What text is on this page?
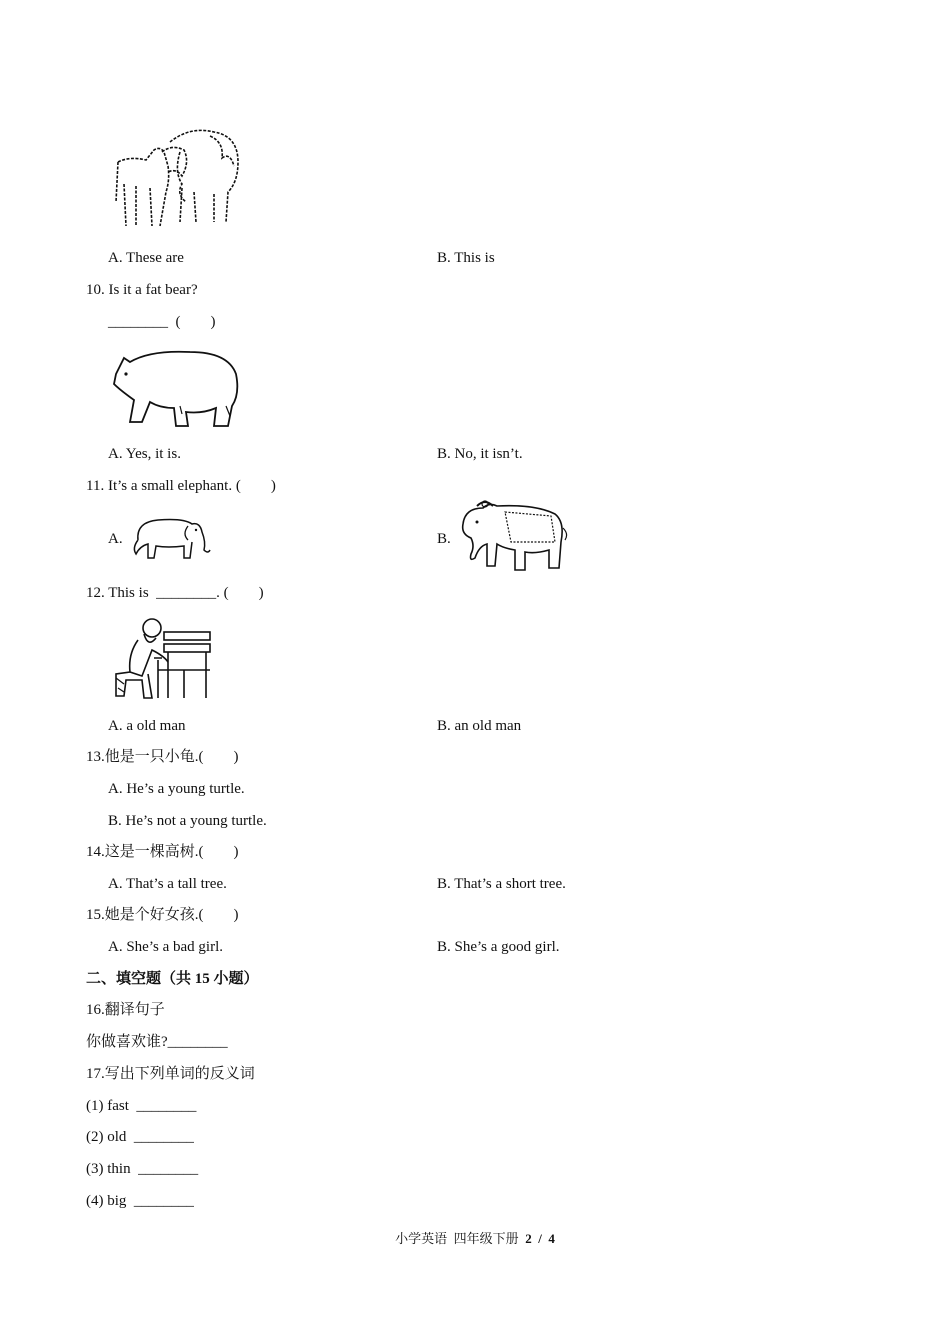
A. These are	B. This is
10. Is it a fat bear?
________  (        )
A. Yes, it is.	B. No, it isn’t.
11. It’s a small elephant. (        )
A.	B.
12. This is  ________. (        )
A. a old man	B. an old man
13.他是一只小龟.(        )
A. He’s a young turtle.
B. He’s not a young turtle.
14.这是一棵高树.(        )
A. That’s a tall tree.	B. That’s a short tree.
15.她是个好女孩.(        )
A. She’s a bad girl.	B. She’s a good girl.
二、填空题（共 15 小题）
16.翻译句子
你做喜欢谁?________
17.写出下列单词的反义词
(1) fast  ________
(2) old  ________
(3) thin  ________
(4) big  ________
小学英语  四年级下册  2  /  4
